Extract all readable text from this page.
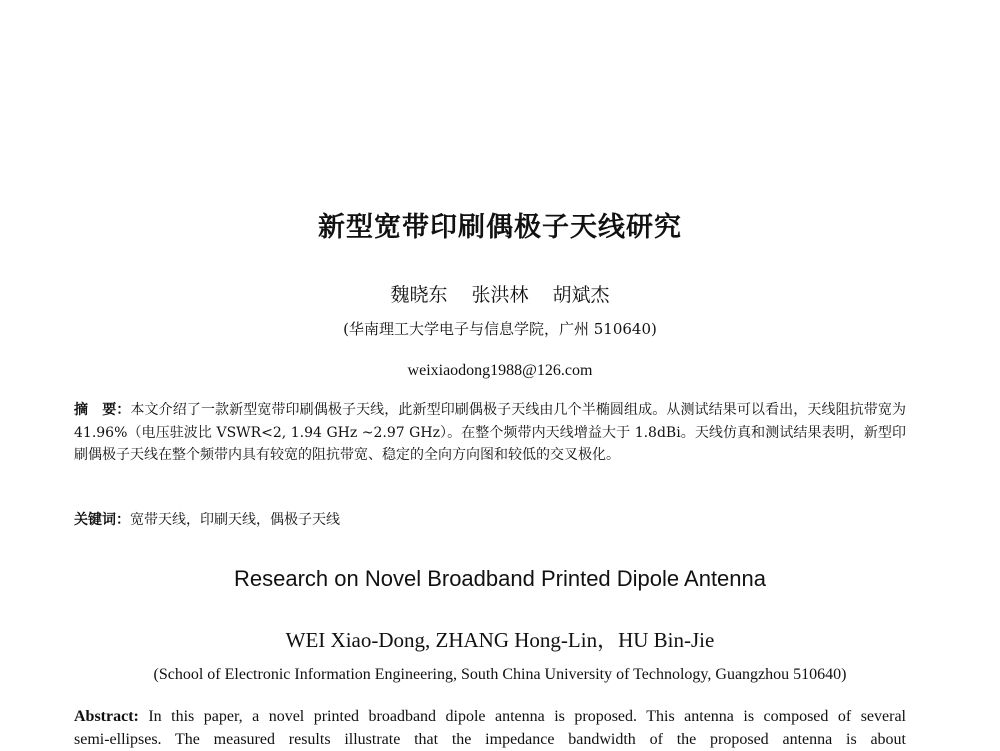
新型宽带印刷偶极子天线研究
魏晓东 张洪林 胡斌杰
(华南理工大学电子与信息学院，广州 510640)
weixiaodong1988@126.com
摘　要：本文介绍了一款新型宽带印刷偶极子天线，此新型印刷偶极子天线由几个半椭圆组成。从测试结果可以看出，天线阻抗带宽为 41.96%（电压驻波比 VSWR<2, 1.94 GHz ~2.97 GHz）。在整个频带内天线增益大于 1.8dBi。天线仿真和测试结果表明，新型印刷偶极子天线在整个频带内具有较宽的阻抗带宽、稳定的全向方向图和较低的交叉极化。
关键词：宽带天线，印刷天线，偶极子天线
Research on Novel Broadband Printed Dipole Antenna
WEI Xiao-Dong, ZHANG Hong-Lin，HU Bin-Jie
(School of Electronic Information Engineering, South China University of Technology, Guangzhou 510640)
Abstract: In this paper, a novel printed broadband dipole antenna is proposed. This antenna is composed of several
semi-ellipses. The measured results illustrate that the impedance bandwidth of the proposed antenna is about
